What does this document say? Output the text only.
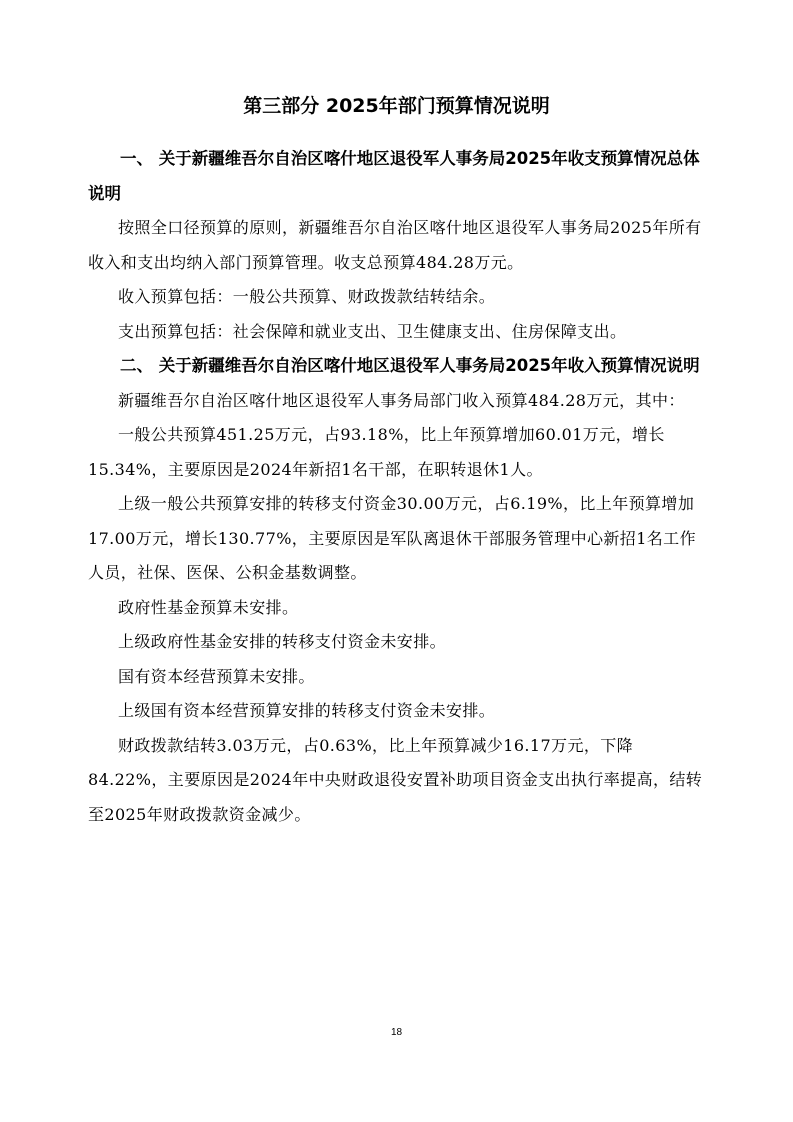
第三部分 2025年部门预算情况说明

一、 关于新疆维吾尔自治区喀什地区退役军人事务局2025年收支预算情况总体说明

按照全口径预算的原则，新疆维吾尔自治区喀什地区退役军人事务局2025年所有收入和支出均纳入部门预算管理。收支总预算484.28万元。

收入预算包括：一般公共预算、财政拨款结转结余。

支出预算包括：社会保障和就业支出、卫生健康支出、住房保障支出。

二、 关于新疆维吾尔自治区喀什地区退役军人事务局2025年收入预算情况说明

新疆维吾尔自治区喀什地区退役军人事务局部门收入预算484.28万元，其中：

一般公共预算451.25万元，占93.18%，比上年预算增加60.01万元，增长15.34%，主要原因是2024年新招1名干部，在职转退休1人。

上级一般公共预算安排的转移支付资金30.00万元，占6.19%，比上年预算增加17.00万元，增长130.77%，主要原因是军队离退休干部服务管理中心新招1名工作人员，社保、医保、公积金基数调整。

政府性基金预算未安排。

上级政府性基金安排的转移支付资金未安排。

国有资本经营预算未安排。

上级国有资本经营预算安排的转移支付资金未安排。

财政拨款结转3.03万元，占0.63%，比上年预算减少16.17万元，下降84.22%，主要原因是2024年中央财政退役安置补助项目资金支出执行率提高，结转至2025年财政拨款资金减少。

18
